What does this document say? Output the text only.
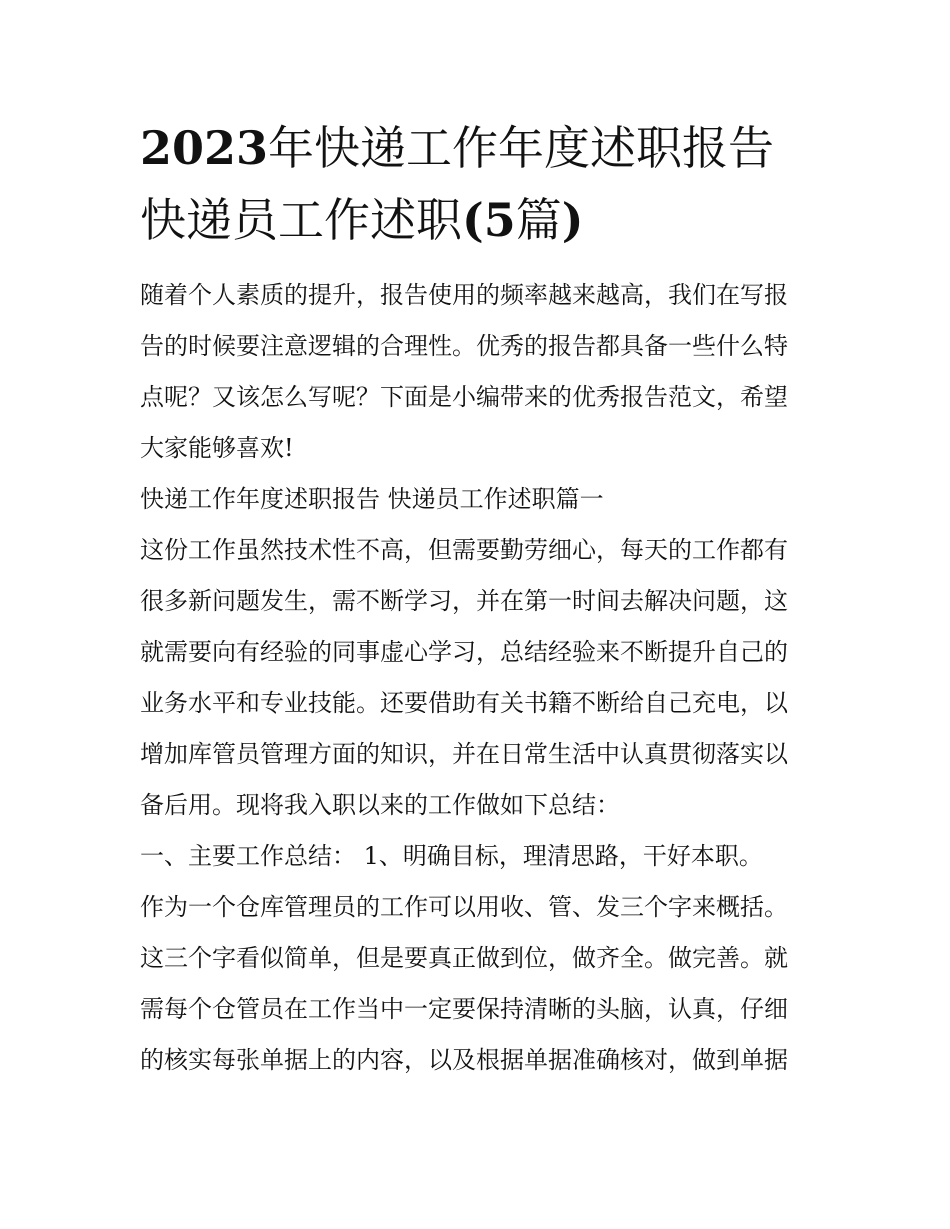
2023年快递工作年度述职报告
快递员工作述职(5篇)
随着个人素质的提升，报告使用的频率越来越高，我们在写报
告的时候要注意逻辑的合理性。优秀的报告都具备一些什么特
点呢？又该怎么写呢？下面是小编带来的优秀报告范文，希望
大家能够喜欢!
快递工作年度述职报告 快递员工作述职篇一
这份工作虽然技术性不高，但需要勤劳细心，每天的工作都有
很多新问题发生，需不断学习，并在第一时间去解决问题，这
就需要向有经验的同事虚心学习，总结经验来不断提升自己的
业务水平和专业技能。还要借助有关书籍不断给自己充电，以
增加库管员管理方面的知识，并在日常生活中认真贯彻落实以
备后用。现将我入职以来的工作做如下总结：
一、主要工作总结： 1、明确目标，理清思路，干好本职。
作为一个仓库管理员的工作可以用收、管、发三个字来概括。
这三个字看似简单，但是要真正做到位，做齐全。做完善。就
需每个仓管员在工作当中一定要保持清晰的头脑，认真，仔细
的核实每张单据上的内容，以及根据单据准确核对，做到单据
